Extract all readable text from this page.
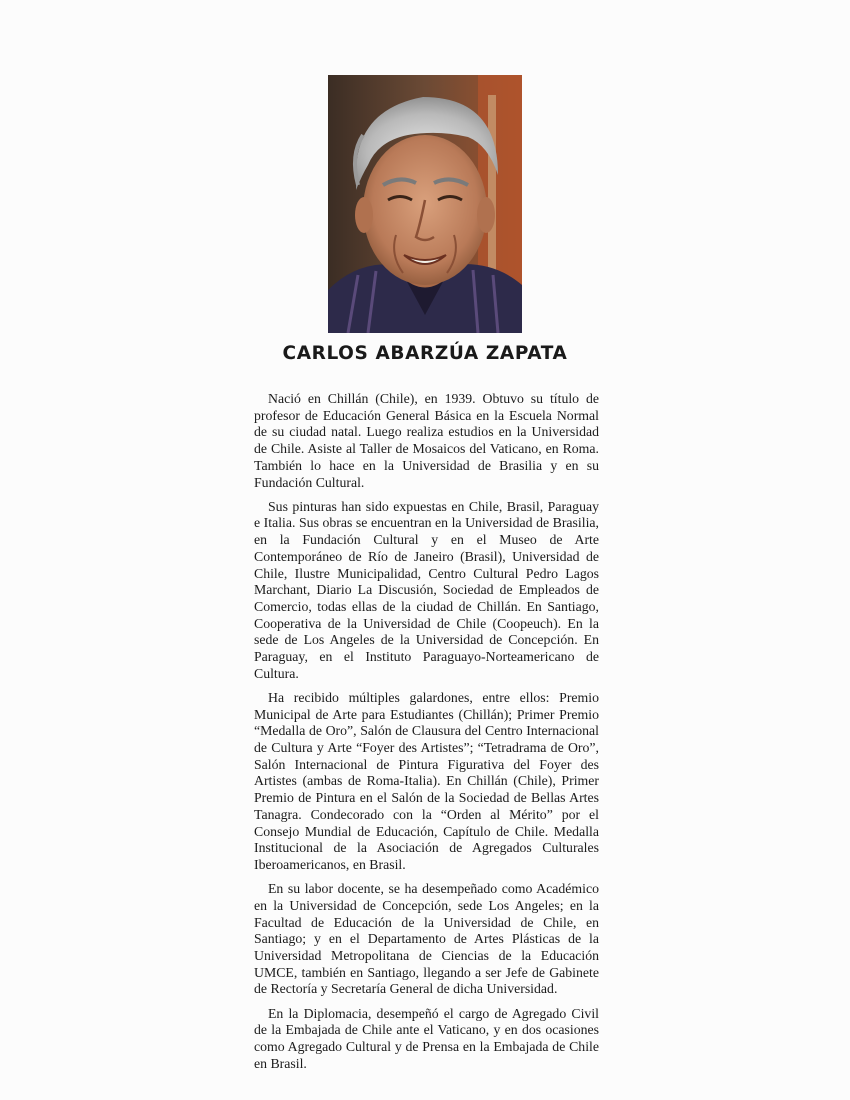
CARLOS ABARZÚA ZAPATA

Nació en Chillán (Chile), en 1939. Obtuvo su título de profesor de Educación General Básica en la Escuela Normal de su ciudad natal. Luego realiza estudios en la Universidad de Chile. Asiste al Taller de Mosaicos del Vaticano, en Roma. También lo hace en la Universidad de Brasilia y en su Fundación Cultural.

Sus pinturas han sido expuestas en Chile, Brasil, Paraguay e Italia. Sus obras se encuentran en la Universidad de Brasilia, en la Fundación Cultural y en el Museo de Arte Contemporáneo de Río de Janeiro (Brasil), Universidad de Chile, Ilustre Municipalidad, Centro Cultural Pedro Lagos Marchant, Diario La Discusión, Sociedad de Empleados de Comercio, todas ellas de la ciudad de Chillán. En Santiago, Cooperativa de la Universidad de Chile (Coopeuch). En la sede de Los Angeles de la Universidad de Concepción. En Paraguay, en el Instituto Paraguayo-Norteamericano de Cultura.

Ha recibido múltiples galardones, entre ellos: Premio Municipal de Arte para Estudiantes (Chillán); Primer Premio “Medalla de Oro”, Salón de Clausura del Centro Internacional de Cultura y Arte “Foyer des Artistes”; “Tetradrama de Oro”, Salón Internacional de Pintura Figurativa del Foyer des Artistes (ambas de Roma-Italia). En Chillán (Chile), Primer Premio de Pintura en el Salón de la Sociedad de Bellas Artes Tanagra. Condecorado con la “Orden al Mérito” por el Consejo Mundial de Educación, Capítulo de Chile. Medalla Institucional de la Asociación de Agregados Culturales Iberoamericanos, en Brasil.

En su labor docente, se ha desempeñado como Académico en la Universidad de Concepción, sede Los Angeles; en la Facultad de Educación de la Universidad de Chile, en Santiago; y en el Departamento de Artes Plásticas de la Universidad Metropolitana de Ciencias de la Educación UMCE, también en Santiago, llegando a ser Jefe de Gabinete de Rectoría y Secretaría General de dicha Universidad.

En la Diplomacia, desempeñó el cargo de Agregado Civil de la Embajada de Chile ante el Vaticano, y en dos ocasiones como Agregado Cultural y de Prensa en la Embajada de Chile en Brasil.
